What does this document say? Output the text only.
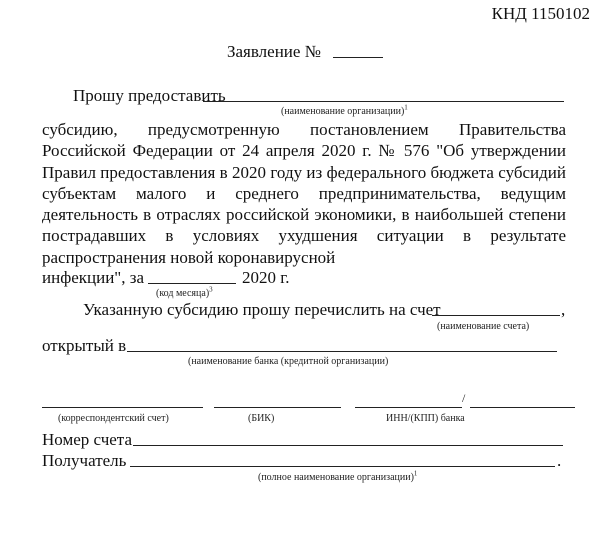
КНД 1150102
Заявление №
Прошу предоставить
(наименование организации)$^1$
субсидию, предусмотренную постановлением Правительства Российской Федерации от 24 апреля 2020 г. № 576 "Об утверждении Правил предоставления в 2020 году из федерального бюджета субсидий субъектам малого и среднего предпринимательства, ведущим деятельность в отраслях российской экономики, в наибольшей степени пострадавших в условиях ухудшения ситуации в результате распространения новой коронавирусной
инфекции", за	2020 г.
(код месяца)$^3$
Указанную субсидию прошу перечислить на счет	,
(наименование счета)
открытый в
(наименование банка (кредитной организации)
/
(корреспондентский счет)	(БИК)	ИНН/(КПП) банка
Номер счета
Получатель	.
(полное наименование организации)$^1$
